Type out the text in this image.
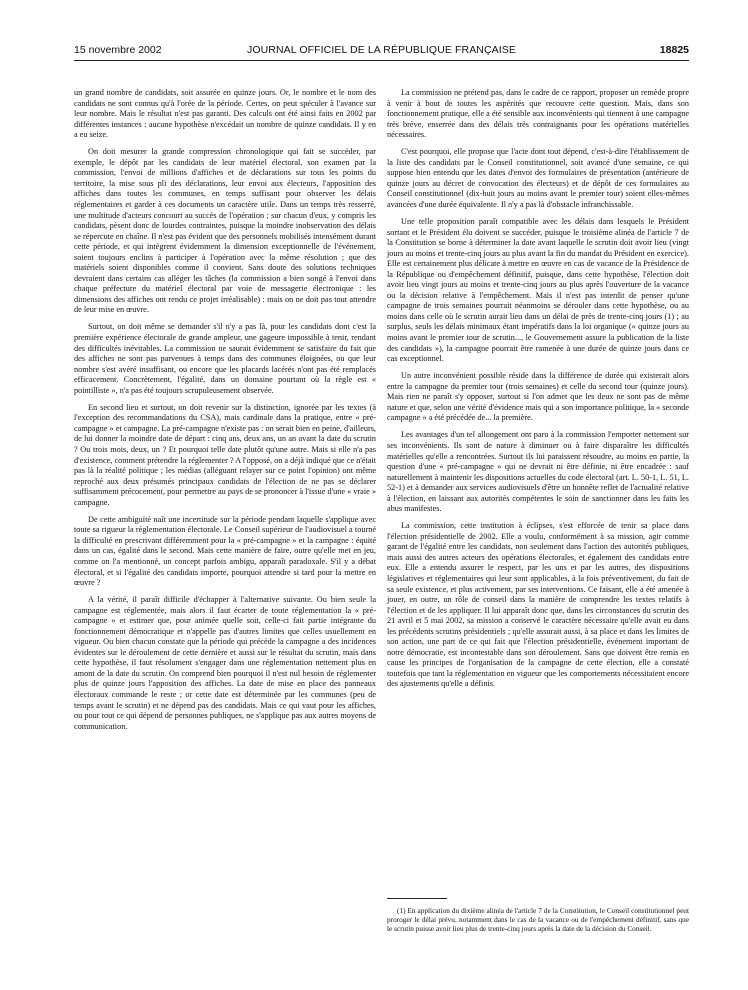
15 novembre 2002	JOURNAL OFFICIEL DE LA RÉPUBLIQUE FRANÇAISE	18825

un grand nombre de candidats, soit assurée en quinze jours. Or, le nombre et le nom des candidats ne sont connus qu'à l'orée de la période. Certes, on peut spéculer à l'avance sur leur nombre. Mais le résultat n'est pas garanti. Des calculs ont été ainsi faits en 2002 par différentes instances : aucune hypothèse n'excédait un nombre de quinze candidats. Il y en a eu seize.

On doit mesurer la grande compression chronologique qui fait se succéder, par exemple, le dépôt par les candidats de leur matériel électoral, son examen par la commission, l'envoi de millions d'affiches et de déclarations sur tous les points du territoire, la mise sous pli des déclarations, leur envoi aux électeurs, l'apposition des affiches dans toutes les communes, en temps suffisant pour observer les délais réglementaires et garder à ces documents un caractère utile. Dans un temps très resserré, une multitude d'acteurs concourt au succès de l'opération ; sur chacun d'eux, y compris les candidats, pèsent donc de lourdes contraintes, puisque la moindre inobservation des délais se répercute en chaîne. Il n'est pas évident que des personnels mobilisés intensément durant cette période, et qui intègrent évidemment la dimension exceptionnelle de l'événement, soient toujours enclins à participer à l'opération avec la même résolution ; que des matériels soient disponibles comme il convient. Sans doute des solutions techniques devraient dans certains cas alléger les tâches (la commission a bien songé à l'envoi dans chaque préfecture du matériel électoral par voie de messagerie électronique : les dimensions des affiches ont rendu ce projet irréalisable) : mais on ne doit pas tout attendre de leur mise en œuvre.

Surtout, on doit même se demander s'il n'y a pas là, pour les candidats dont c'est la première expérience électorale de grande ampleur, une gageure impossible à tenir, rendant des difficultés inévitables. La commission ne saurait évidemment se satisfaire du fait que des affiches ne sont pas parvenues à temps dans des communes éloignées, ou que leur nombre s'est avéré insuffisant, ou encore que les placards lacérés n'ont pas été remplacés efficacement. Concrètement, l'égalité, dans un domaine pourtant où la règle est « pointilliste », n'a pas été toujours scrupuleusement observée.

En second lieu et surtout, on doit revenir sur la distinction, ignorée par les textes (à l'exception des recommandations du CSA), mais cardinale dans la pratique, entre « pré-campagne » et campagne. La pré-campagne n'existe pas : on serait bien en peine, d'ailleurs, de lui donner la moindre date de départ : cinq ans, deux ans, un an avant la date du scrutin ? Ou trois mois, deux, un ? Et pourquoi telle date plutôt qu'une autre. Mais si elle n'a pas d'existence, comment prétendre la réglementer ? A l'opposé, on a déjà indiqué que ce n'était pas là la réalité politique ; les médias (alléguant relayer sur ce point l'opinion) ont même reproché aux deux présumés principaux candidats de l'élection de ne pas se déclarer suffisamment précocement, pour permettre au pays de se prononcer à l'issue d'une « vraie » campagne.

De cette ambiguïté naît une incertitude sur la période pendant laquelle s'applique avec toute sa rigueur la réglementation électorale. Le Conseil supérieur de l'audiovisuel a tourné la difficulté en prescrivant différemment pour la « pré-campagne » et la campagne : équité dans un cas, égalité dans le second. Mais cette manière de faire, outre qu'elle met en jeu, comme on l'a mentionné, un concept parfois ambigu, apparaît paradoxale. S'il y a débat électoral, et si l'égalité des candidats importe, pourquoi attendre si tard pour la mettre en œuvre ?

A la vérité, il paraît difficile d'échapper à l'alternative suivante. Ou bien seule la campagne est réglementée, mais alors il faut écarter de toute réglementation la « pré-campagne » et estimer que, pour animée quelle soit, celle-ci fait partie intégrante du fonctionnement démocratique et n'appelle pas d'autres limites que celles usuellement en vigueur. Ou bien chacun constate que la période qui précède la campagne a des incidences évidentes sur le déroulement de cette dernière et aussi sur le résultat du scrutin, mais dans cette hypothèse, il faut résolument s'engager dans une réglementation nettement plus en amont de la date du scrutin. On comprend bien pourquoi il n'est nul besoin de réglementer plus de quinze jours l'apposition des affiches. La date de mise en place des panneaux électoraux commande le reste ; or cette date est déterminée par les communes (peu de temps avant le scrutin) et ne dépend pas des candidats. Mais ce qui vaut pour les affiches, ou pour tout ce qui dépend de personnes publiques, ne s'applique pas aux autres moyens de communication.

La commission ne prétend pas, dans le cadre de ce rapport, proposer un remède propre à venir à bout de toutes les aspérités que recouvre cette question. Mais, dans son fonctionnement pratique, elle a été sensible aux inconvénients qui tiennent à une campagne très brève, enserrée dans des délais très contraignants pour les opérations matérielles nécessaires.

C'est pourquoi, elle propose que l'acte dont tout dépend, c'est-à-dire l'établissement de la liste des candidats par le Conseil constitutionnel, soit avancé d'une semaine, ce qui suppose bien entendu que les dates d'envoi des formulaires de présentation (antérieure de quinze jours au décret de convocation des électeurs) et de dépôt de ces formulaires au Conseil constitutionnel (dix-huit jours au moins avant le premier tour) soient elles-mêmes avancées d'une durée équivalente. Il n'y a pas là d'obstacle infranchissable.

Une telle proposition paraît compatible avec les délais dans lesquels le Président sortant et le Président élu doivent se succéder, puisque le troisième alinéa de l'article 7 de la Constitution se borne à déterminer la date avant laquelle le scrutin doit avoir lieu (vingt jours au moins et trente-cinq jours au plus avant la fin du mandat du Président en exercice). Elle est certainement plus délicate à mettre en œuvre en cas de vacance de la Présidence de la République ou d'empêchement définitif, puisque, dans cette hypothèse, l'élection doit avoir lieu vingt jours au moins et trente-cinq jours au plus après l'ouverture de la vacance ou la décision relative à l'empêchement. Mais il n'est pas interdit de penser qu'une campagne de trois semaines pourrait néanmoins se dérouler dans cette hypothèse, ou au moins dans celle où le scrutin aurait lieu dans un délai de près de trente-cinq jours (1) ; au surplus, seuls les délais minimaux étant impératifs dans la loi organique (« quinze jours au moins avant le premier tour de scrutin..., le Gouvernement assure la publication de la liste des candidats »), la campagne pourrait être ramenée à une durée de quinze jours dans ce cas exceptionnel.

Un autre inconvénient possible réside dans la différence de durée qui existerait alors entre la campagne du premier tour (trois semaines) et celle du second tour (quinze jours). Mais rien ne paraît s'y opposer, surtout si l'on admet que les deux ne sont pas de même nature et que, selon une vérité d'évidence mais qui a son importance politique, la « seconde campagne » a été précédée de... la première.

Les avantages d'un tel allongement ont paru à la commission l'emporter nettement sur ses inconvénients. Ils sont de nature à diminuer ou à faire disparaître les difficultés matérielles qu'elle a rencontrées. Surtout ils lui paraissent résoudre, au moins en partie, la question d'une « pré-campagne » qui ne devrait ni être définie, ni être encadrée : sauf naturellement à maintenir les dispositions actuelles du code électoral (art. L. 50-1, L. 51, L. 52-1) et à demander aux services audiovisuels d'être un honnête reflet de l'actualité relative à l'élection, en laissant aux autorités compétentes le soin de sanctionner dans les faits les abus manifestes.

La commission, cette institution à éclipses, s'est efforcée de tenir sa place dans l'élection présidentielle de 2002. Elle a voulu, conformément à sa mission, agir comme garant de l'égalité entre les candidats, non seulement dans l'action des autorités publiques, mais aussi des autres acteurs des opérations électorales, et également des candidats entre eux. Elle a entendu assurer le respect, par les uns et par les autres, des dispositions législatives et réglementaires qui leur sont applicables, à la fois préventivement, du fait de sa seule existence, et plus activement, par ses interventions. Ce faisant, elle a été amenée à jouer, en outre, un rôle de conseil dans la manière de comprendre les textes relatifs à l'élection et de les appliquer. Il lui apparaît donc que, dans les circonstances du scrutin des 21 avril et 5 mai 2002, sa mission a conservé le caractère nécessaire qu'elle avait eu dans les précédents scrutins présidentiels ; qu'elle assurait aussi, à sa place et dans les limites de son action, une part de ce qui fait que l'élection présidentielle, événement important de notre démocratie, est incontestable dans son déroulement. Sans que doivent être remis en cause les principes de l'organisation de la campagne de cette élection, elle a constaté toutefois que tant la réglementation en vigueur que les comportements nécessitaient encore des ajustements qu'elle a définis.

(1) En application du dixième alinéa de l'article 7 de la Constitution, le Conseil constitutionnel peut proroger le délai prévu, notamment dans le cas de la vacance ou de l'empêchement définitif, sans que le scrutin puisse avoir lieu plus de trente-cinq jours après la date de la décision du Conseil.
